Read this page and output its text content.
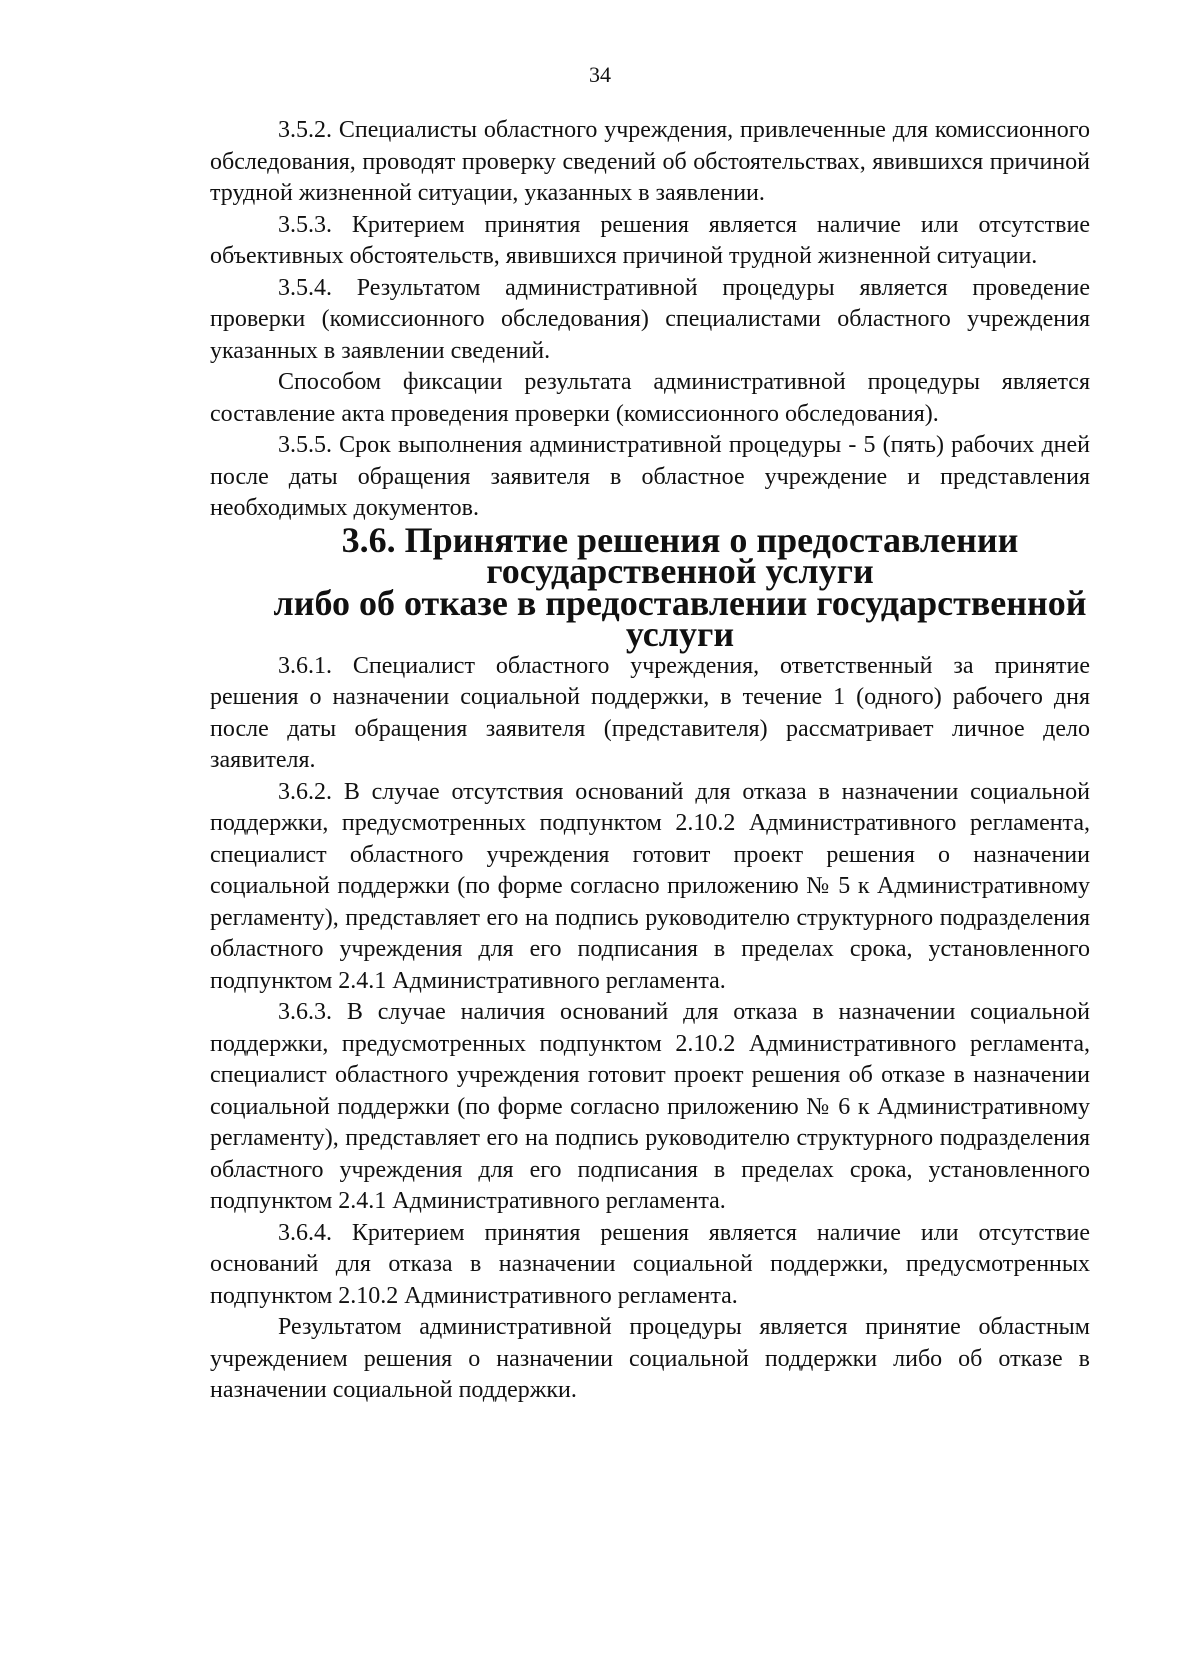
34

3.5.2. Специалисты областного учреждения, привлеченные для комиссионного обследования, проводят проверку сведений об обстоятельствах, явившихся причиной трудной жизненной ситуации, указанных в заявлении.

3.5.3. Критерием принятия решения является наличие или отсутствие объективных обстоятельств, явившихся причиной трудной жизненной ситуации.

3.5.4. Результатом административной процедуры является проведение проверки (комиссионного обследования) специалистами областного учреждения указанных в заявлении сведений.

Способом фиксации результата административной процедуры является составление акта проведения проверки (комиссионного обследования).

3.5.5. Срок выполнения административной процедуры - 5 (пять) рабочих дней после даты обращения заявителя в областное учреждение и представления необходимых документов.

3.6. Принятие решения о предоставлении государственной услуги
либо об отказе в предоставлении государственной услуги

3.6.1. Специалист областного учреждения, ответственный за принятие решения о назначении социальной поддержки, в течение 1 (одного) рабочего дня после даты обращения заявителя (представителя) рассматривает личное дело заявителя.

3.6.2. В случае отсутствия оснований для отказа в назначении социальной поддержки, предусмотренных подпунктом 2.10.2 Административного регламента, специалист областного учреждения готовит проект решения о назначении социальной поддержки (по форме согласно приложению № 5 к Административному регламенту), представляет его на подпись руководителю структурного подразделения областного учреждения для его подписания в пределах срока, установленного подпунктом 2.4.1 Административного регламента.

3.6.3. В случае наличия оснований для отказа в назначении социальной поддержки, предусмотренных подпунктом 2.10.2 Административного регламента, специалист областного учреждения готовит проект решения об отказе в назначении социальной поддержки (по форме согласно приложению № 6 к Административному регламенту), представляет его на подпись руководителю структурного подразделения областного учреждения для его подписания в пределах срока, установленного подпунктом 2.4.1 Административного регламента.

3.6.4. Критерием принятия решения является наличие или отсутствие оснований для отказа в назначении социальной поддержки, предусмотренных подпунктом 2.10.2 Административного регламента.

Результатом административной процедуры является принятие областным учреждением решения о назначении социальной поддержки либо об отказе в назначении социальной поддержки.
